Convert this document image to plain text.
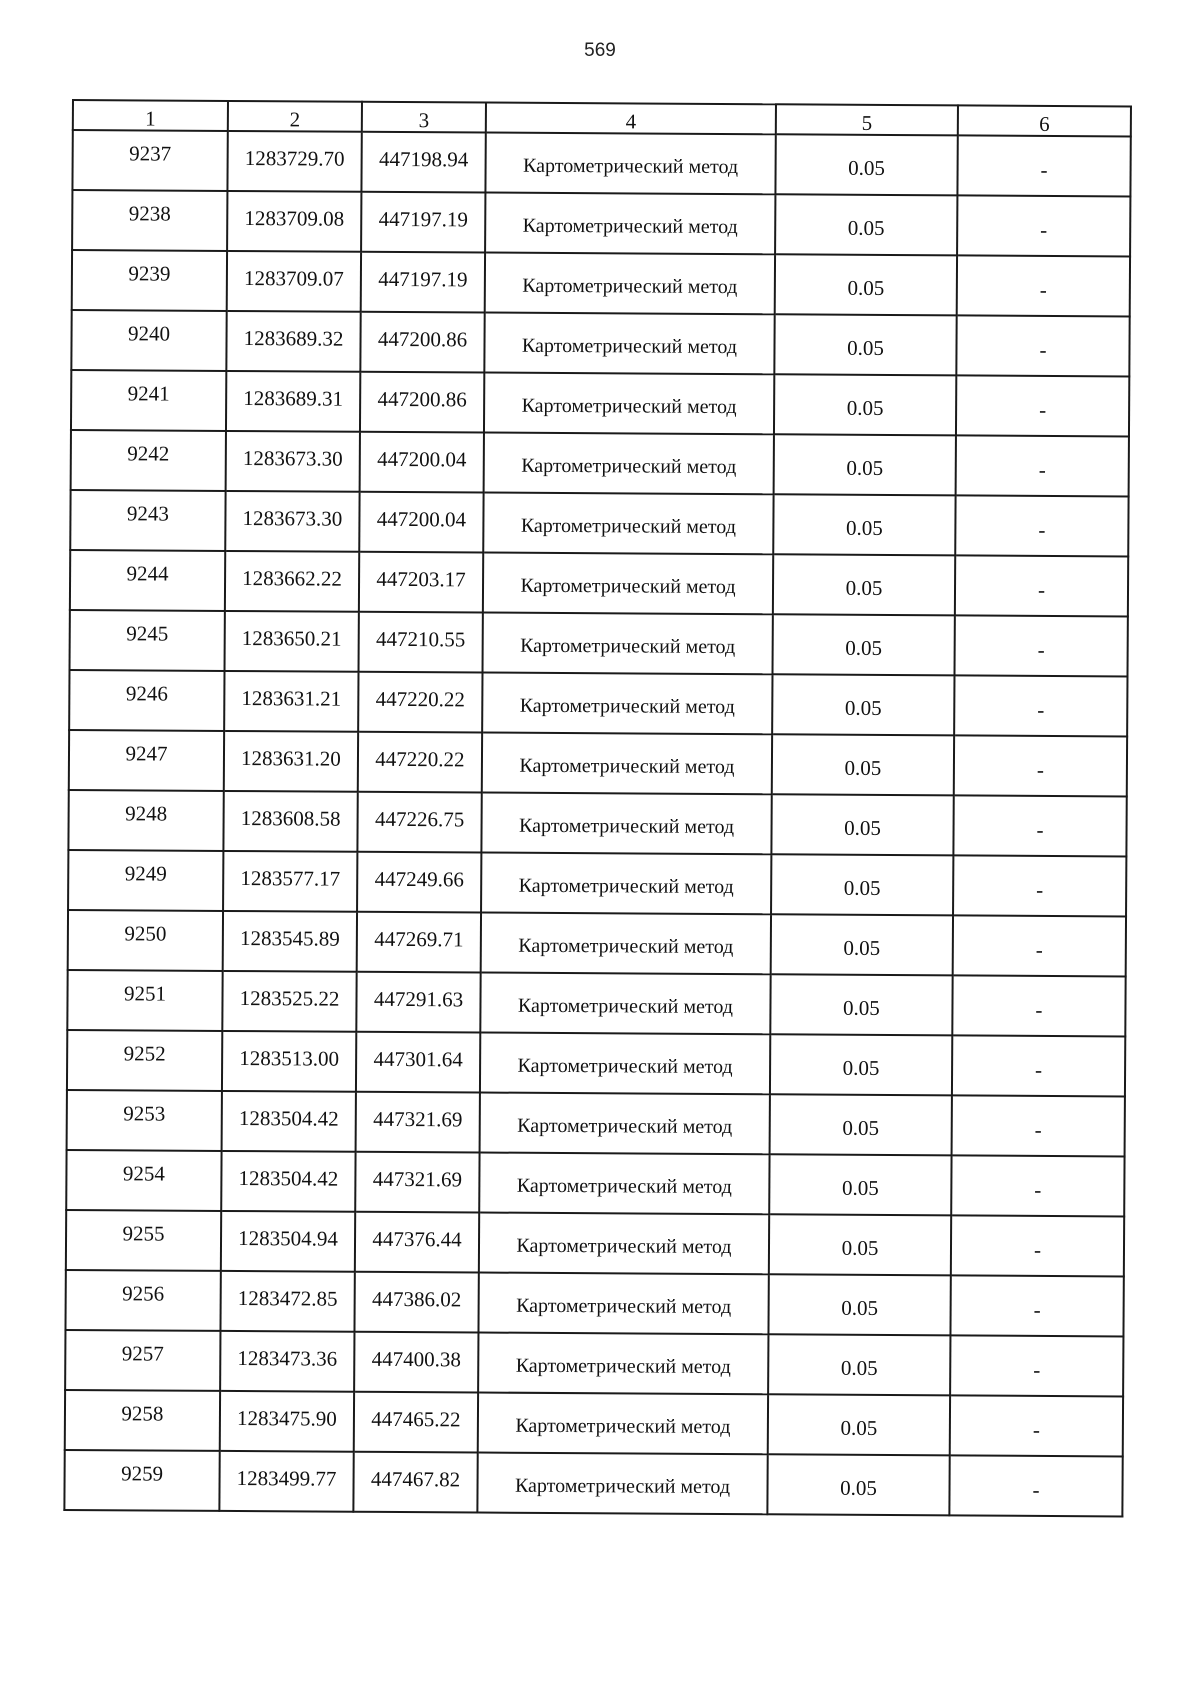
569
1	2	3	4	5	6
9237	1283729.70	447198.94	Картометрический метод	0.05	-
9238	1283709.08	447197.19	Картометрический метод	0.05	-
9239	1283709.07	447197.19	Картометрический метод	0.05	-
9240	1283689.32	447200.86	Картометрический метод	0.05	-
9241	1283689.31	447200.86	Картометрический метод	0.05	-
9242	1283673.30	447200.04	Картометрический метод	0.05	-
9243	1283673.30	447200.04	Картометрический метод	0.05	-
9244	1283662.22	447203.17	Картометрический метод	0.05	-
9245	1283650.21	447210.55	Картометрический метод	0.05	-
9246	1283631.21	447220.22	Картометрический метод	0.05	-
9247	1283631.20	447220.22	Картометрический метод	0.05	-
9248	1283608.58	447226.75	Картометрический метод	0.05	-
9249	1283577.17	447249.66	Картометрический метод	0.05	-
9250	1283545.89	447269.71	Картометрический метод	0.05	-
9251	1283525.22	447291.63	Картометрический метод	0.05	-
9252	1283513.00	447301.64	Картометрический метод	0.05	-
9253	1283504.42	447321.69	Картометрический метод	0.05	-
9254	1283504.42	447321.69	Картометрический метод	0.05	-
9255	1283504.94	447376.44	Картометрический метод	0.05	-
9256	1283472.85	447386.02	Картометрический метод	0.05	-
9257	1283473.36	447400.38	Картометрический метод	0.05	-
9258	1283475.90	447465.22	Картометрический метод	0.05	-
9259	1283499.77	447467.82	Картометрический метод	0.05	-
